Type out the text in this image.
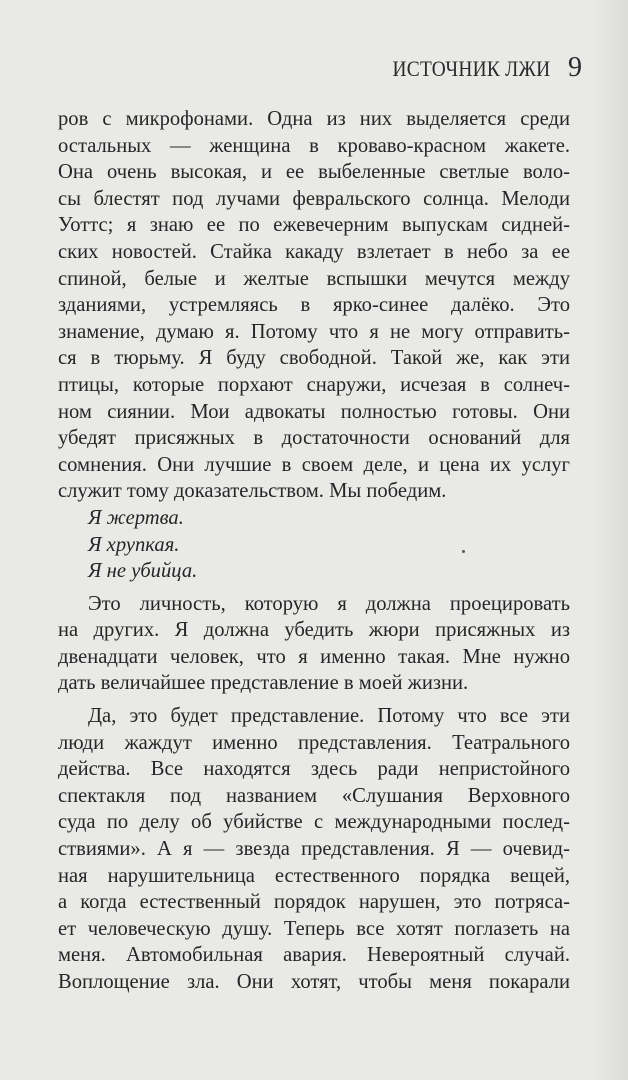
ИСТОЧНИК ЛЖИ 9
ров с микрофонами. Одна из них выделяется среди
остальных — женщина в кроваво-красном жакете.
Она очень высокая, и ее выбеленные светлые воло-
сы блестят под лучами февральского солнца. Мелоди
Уоттс; я знаю ее по ежевечерним выпускам сидней-
ских новостей. Стайка какаду взлетает в небо за ее
спиной, белые и желтые вспышки мечутся между
зданиями, устремляясь в ярко-синее далёко. Это
знамение, думаю я. Потому что я не могу отправить-
ся в тюрьму. Я буду свободной. Такой же, как эти
птицы, которые порхают снаружи, исчезая в солнеч-
ном сиянии. Мои адвокаты полностью готовы. Они
убедят присяжных в достаточности оснований для
сомнения. Они лучшие в своем деле, и цена их услуг
служит тому доказательством. Мы победим.
Я жертва.
Я хрупкая.
Я не убийца.
Это личность, которую я должна проецировать
на других. Я должна убедить жюри присяжных из
двенадцати человек, что я именно такая. Мне нужно
дать величайшее представление в моей жизни.
Да, это будет представление. Потому что все эти
люди жаждут именно представления. Театрального
действа. Все находятся здесь ради непристойного
спектакля под названием «Слушания Верховного
суда по делу об убийстве с международными послед-
ствиями». А я — звезда представления. Я — очевид-
ная нарушительница естественного порядка вещей,
а когда естественный порядок нарушен, это потряса-
ет человеческую душу. Теперь все хотят поглазеть на
меня. Автомобильная авария. Невероятный случай.
Воплощение зла. Они хотят, чтобы меня покарали
